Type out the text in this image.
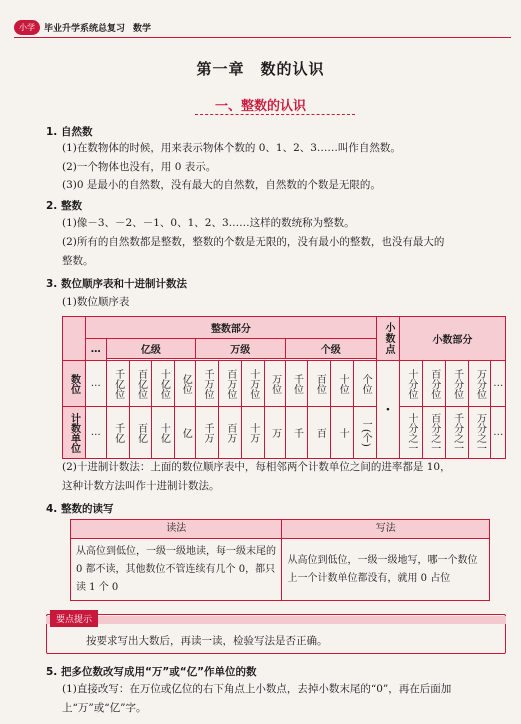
小学	毕业升学系统总复习 数学
第一章　数的认识
一、整数的认识
1. 自然数
(1)在数物体的时候，用来表示物体个数的 0、1、2、3……叫作自然数。
(2)一个物体也没有，用 0 表示。
(3)0 是最小的自然数，没有最大的自然数，自然数的个数是无限的。
2. 整数
(1)像－3、－2、－1、0、1、2、3……这样的数统称为整数。
(2)所有的自然数都是整数，整数的个数是无限的，没有最小的整数，也没有最大的
整数。
3. 数位顺序表和十进制计数法
(1)数位顺序表
	整数部分													小数点	小数部分				
	…	亿级				万级				个级									

数位	…	千亿位	百亿位	十亿位	亿位	千万位	百万位	十万位	万位	千位	百位	十位	个位	·	十分位	百分位	千分位	万分位	…
计数单位	…	千亿	百亿	十亿	亿	千万	百万	十万	万	千	百	十	一(个)		十分之一	百分之一	千分之一	万分之一	…
(2)十进制计数法：上面的数位顺序表中，每相邻两个计数单位之间的进率都是 10，
这种计数方法叫作十进制计数法。
4. 整数的读写
读法	写法
从高位到低位，一级一级地读，每一级末尾的 0 都不读，其他数位不管连续有几个 0，都只读 1 个 0	从高位到低位，一级一级地写，哪一个数位上一个计数单位都没有，就用 0 占位
要点提示
按要求写出大数后，再读一读，检验写法是否正确。
5. 把多位数改写成用“万”或“亿”作单位的数
(1)直接改写：在万位或亿位的右下角点上小数点，去掉小数末尾的“0”，再在后面加
上“万”或“亿”字。
